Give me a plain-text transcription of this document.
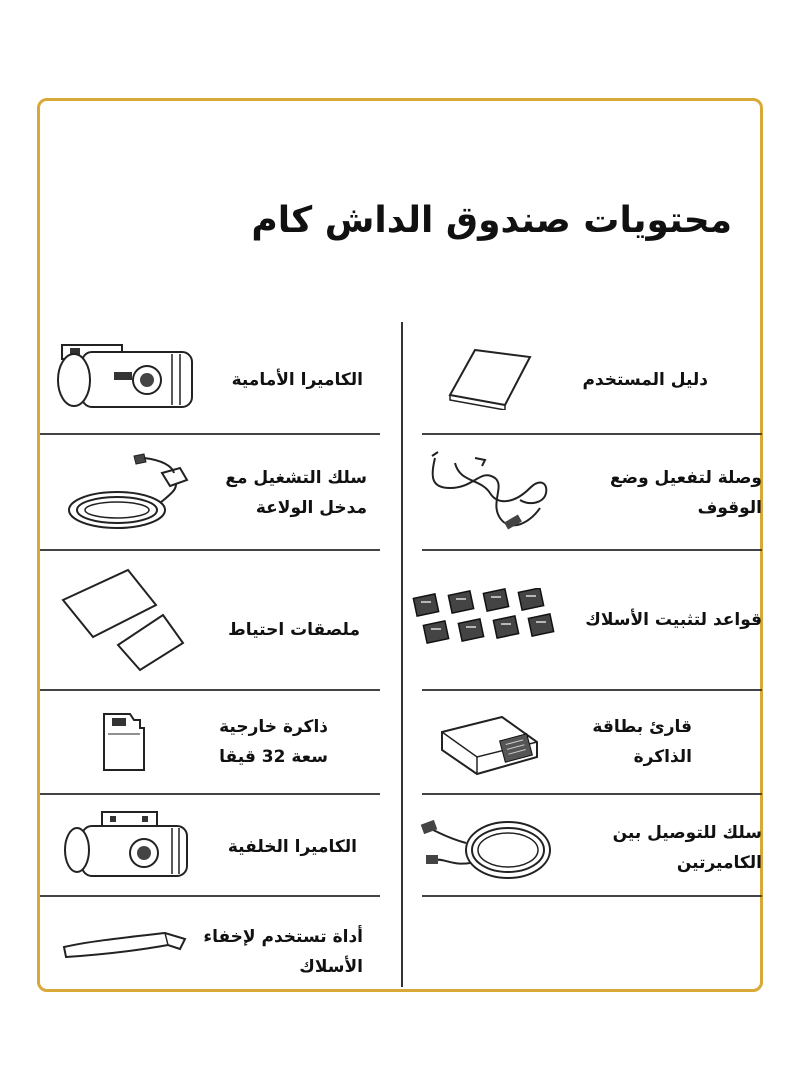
محتويات صندوق الداش كام
دليل المستخدم
وصلة لتفعيل وضع
الوقوف
قواعد لتثبيت الأسلاك
قارئ بطاقة
الذاكرة
سلك للتوصيل بين
الكاميرتين
الكاميرا الأمامية
سلك التشغيل مع
مدخل الولاعة
ملصقات احتياط
ذاكرة خارجية
سعة 32 قيقا
الكاميرا الخلفية
أداة تستخدم لإخفاء
الأسلاك
